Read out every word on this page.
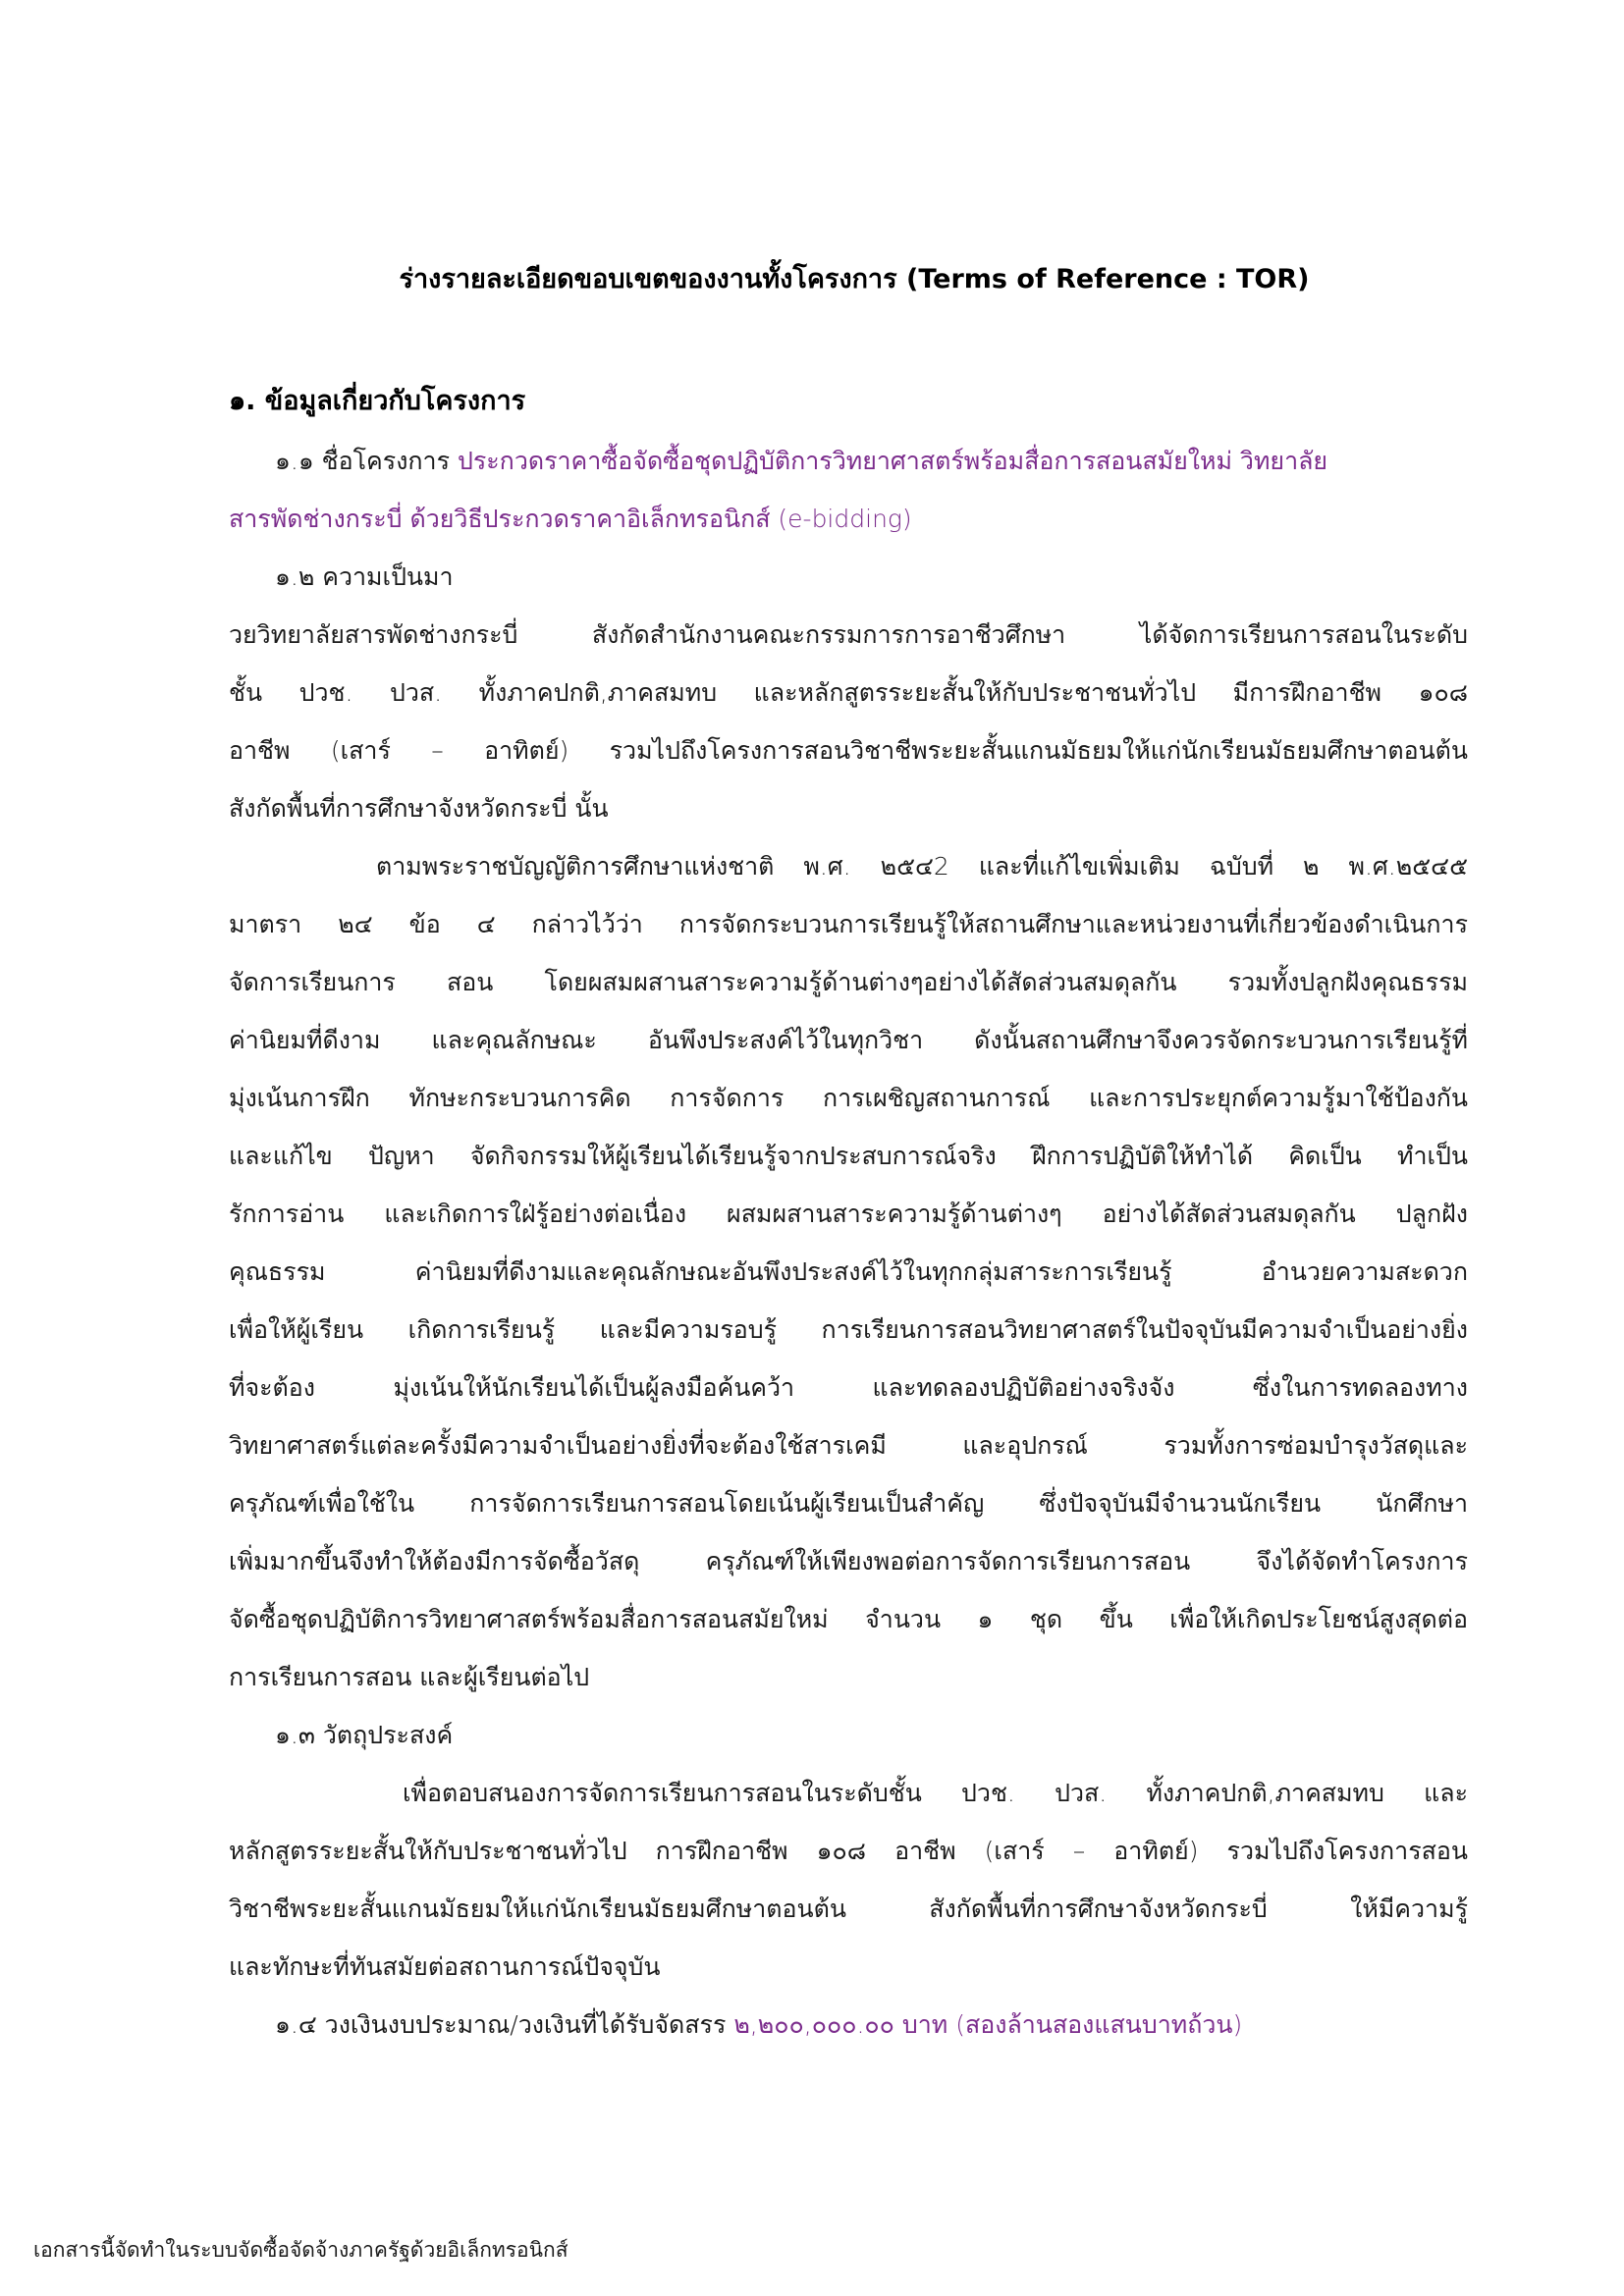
ร่างรายละเอียดขอบเขตของงานทั้งโครงการ (Terms of Reference : TOR)
๑. ข้อมูลเกี่ยวกับโครงการ
๑.๑ ชื่อโครงการ ประกวดราคาซื้อจัดซื้อชุดปฏิบัติการวิทยาศาสตร์พร้อมสื่อการสอนสมัยใหม่ วิทยาลัย
สารพัดช่างกระบี่ ด้วยวิธีประกวดราคาอิเล็กทรอนิกส์ (e-bidding)
๑.๒ ความเป็นมา
วยวิทยาลัยสารพัดช่างกระบี่ สังกัดสำนักงานคณะกรรมการการอาชีวศึกษา ได้จัดการเรียนการสอนในระดับ
ชั้น ปวช. ปวส. ทั้งภาคปกติ,ภาคสมทบ และหลักสูตรระยะสั้นให้กับประชาชนทั่วไป มีการฝึกอาชีพ ๑๐๘
อาชีพ (เสาร์ – อาทิตย์) รวมไปถึงโครงการสอนวิชาชีพระยะสั้นแกนมัธยมให้แก่นักเรียนมัธยมศึกษาตอนต้น
สังกัดพื้นที่การศึกษาจังหวัดกระบี่ นั้น
ตามพระราชบัญญัติการศึกษาแห่งชาติ พ.ศ. ๒๕๔2 และที่แก้ไขเพิ่มเติม ฉบับที่ ๒ พ.ศ.๒๕๔๕
มาตรา ๒๔ ข้อ ๔ กล่าวไว้ว่า การจัดกระบวนการเรียนรู้ให้สถานศึกษาและหน่วยงานที่เกี่ยวข้องดำเนินการ
จัดการเรียนการ สอน โดยผสมผสานสาระความรู้ด้านต่างๆอย่างได้สัดส่วนสมดุลกัน รวมทั้งปลูกฝังคุณธรรม
ค่านิยมที่ดีงาม และคุณลักษณะ อันพึงประสงค์ไว้ในทุกวิชา ดังนั้นสถานศึกษาจึงควรจัดกระบวนการเรียนรู้ที่
มุ่งเน้นการฝึก ทักษะกระบวนการคิด การจัดการ การเผชิญสถานการณ์ และการประยุกต์ความรู้มาใช้ป้องกัน
และแก้ไข ปัญหา จัดกิจกรรมให้ผู้เรียนได้เรียนรู้จากประสบการณ์จริง ฝึกการปฏิบัติให้ทำได้ คิดเป็น ทำเป็น
รักการอ่าน และเกิดการใฝ่รู้อย่างต่อเนื่อง ผสมผสานสาระความรู้ด้านต่างๆ อย่างได้สัดส่วนสมดุลกัน ปลูกฝัง
คุณธรรม ค่านิยมที่ดีงามและคุณลักษณะอันพึงประสงค์ไว้ในทุกกลุ่มสาระการเรียนรู้ อำนวยความสะดวก
เพื่อให้ผู้เรียน เกิดการเรียนรู้ และมีความรอบรู้ การเรียนการสอนวิทยาศาสตร์ในปัจจุบันมีความจำเป็นอย่างยิ่ง
ที่จะต้อง มุ่งเน้นให้นักเรียนได้เป็นผู้ลงมือค้นคว้า และทดลองปฏิบัติอย่างจริงจัง ซึ่งในการทดลองทาง
วิทยาศาสตร์แต่ละครั้งมีความจำเป็นอย่างยิ่งที่จะต้องใช้สารเคมี และอุปกรณ์ รวมทั้งการซ่อมบำรุงวัสดุและ
ครุภัณฑ์เพื่อใช้ใน การจัดการเรียนการสอนโดยเน้นผู้เรียนเป็นสำคัญ ซึ่งปัจจุบันมีจำนวนนักเรียน นักศึกษา
เพิ่มมากขึ้นจึงทำให้ต้องมีการจัดซื้อวัสดุ ครุภัณฑ์ให้เพียงพอต่อการจัดการเรียนการสอน จึงได้จัดทำโครงการ
จัดซื้อชุดปฏิบัติการวิทยาศาสตร์พร้อมสื่อการสอนสมัยใหม่ จำนวน ๑ ชุด ขึ้น เพื่อให้เกิดประโยชน์สูงสุดต่อ
การเรียนการสอน และผู้เรียนต่อไป
๑.๓ วัตถุประสงค์
เพื่อตอบสนองการจัดการเรียนการสอนในระดับชั้น ปวช. ปวส. ทั้งภาคปกติ,ภาคสมทบ และ
หลักสูตรระยะสั้นให้กับประชาชนทั่วไป การฝึกอาชีพ ๑๐๘ อาชีพ (เสาร์ – อาทิตย์) รวมไปถึงโครงการสอน
วิชาชีพระยะสั้นแกนมัธยมให้แก่นักเรียนมัธยมศึกษาตอนต้น สังกัดพื้นที่การศึกษาจังหวัดกระบี่ ให้มีความรู้
และทักษะที่ทันสมัยต่อสถานการณ์ปัจจุบัน
๑.๔ วงเงินงบประมาณ/วงเงินที่ได้รับจัดสรร ๒,๒๐๐,๐๐๐.๐๐ บาท (สองล้านสองแสนบาทถ้วน)
เอกสารนี้จัดทำในระบบจัดซื้อจัดจ้างภาครัฐด้วยอิเล็กทรอนิกส์
